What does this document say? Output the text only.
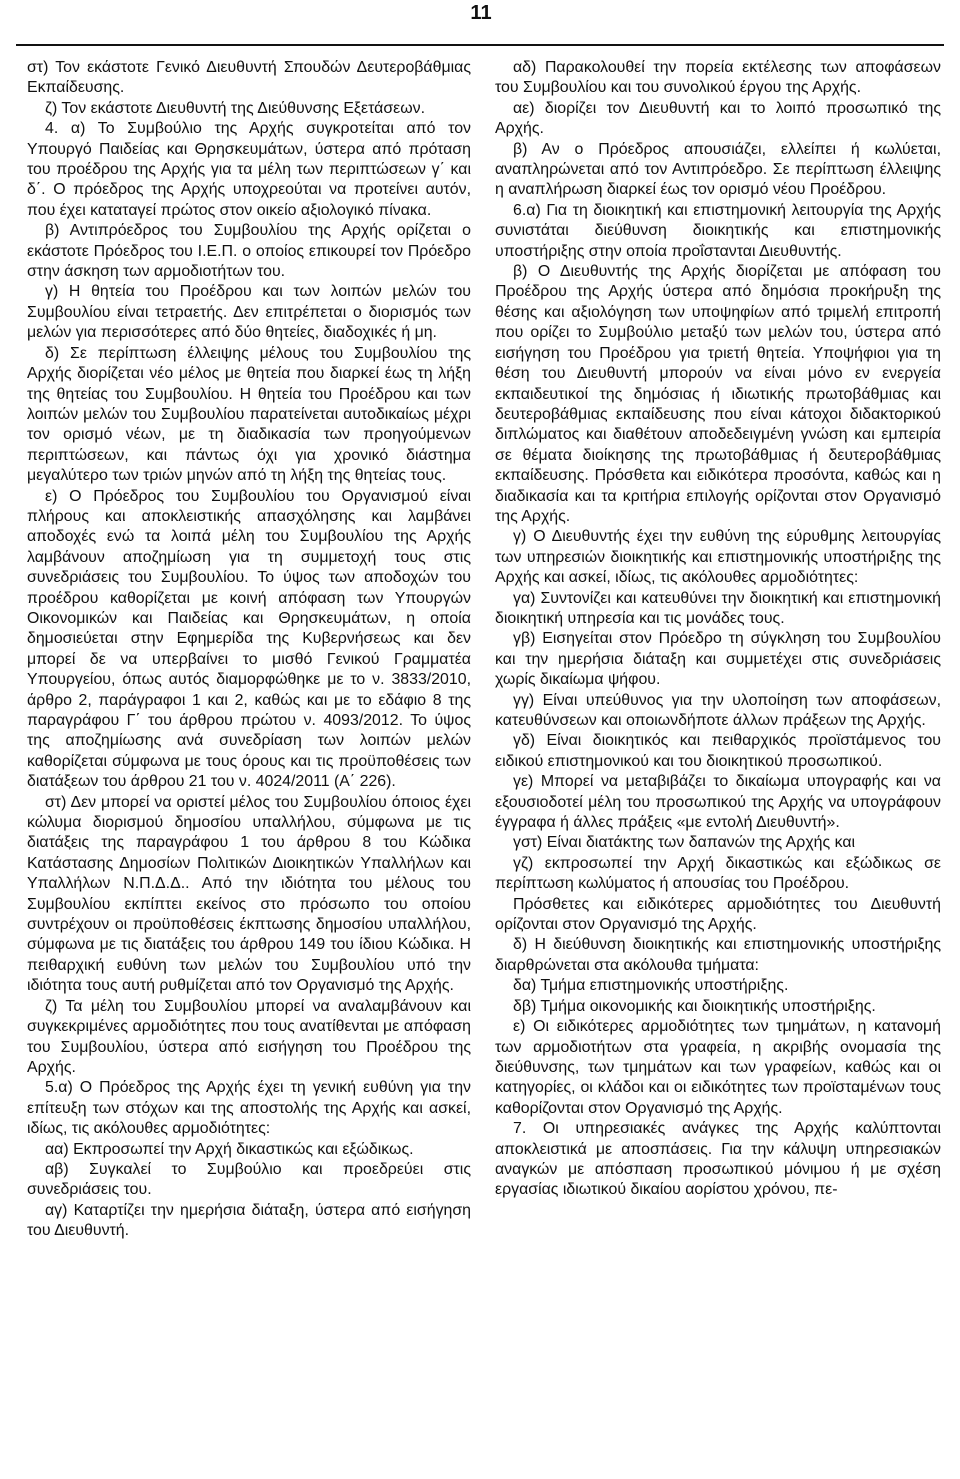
11

στ) Τον εκάστοτε Γενικό Διευθυντή Σπουδών Δευτεροβάθμιας Εκπαίδευσης.

ζ) Τον εκάστοτε Διευθυντή της Διεύθυνσης Εξετάσεων.

4. α) Το Συμβούλιο της Αρχής συγκροτείται από τον Υπουργό Παιδείας και Θρησκευμάτων, ύστερα από πρόταση του προέδρου της Αρχής για τα μέλη των περιπτώσεων γ΄ και δ΄. Ο πρόεδρος της Αρχής υποχρεούται να προτείνει αυτόν, που έχει καταταγεί πρώτος στον οικείο αξιολογικό πίνακα.

β) Αντιπρόεδρος του Συμβουλίου της Αρχής ορίζεται ο εκάστοτε Πρόεδρος του Ι.Ε.Π. ο οποίος επικουρεί τον Πρόεδρο στην άσκηση των αρμοδιοτήτων του.

γ) Η θητεία του Προέδρου και των λοιπών μελών του Συμβουλίου είναι τετραετής. Δεν επιτρέπεται ο διορισμός των μελών για περισσότερες από δύο θητείες, διαδοχικές ή μη.

δ) Σε περίπτωση έλλειψης μέλους του Συμβουλίου της Αρχής διορίζεται νέο μέλος με θητεία που διαρκεί έως τη λήξη της θητείας του Συμβουλίου. Η θητεία του Προέδρου και των λοιπών μελών του Συμβουλίου παρατείνεται αυτοδικαίως μέχρι τον ορισμό νέων, με τη διαδικασία των προηγούμενων περιπτώσεων, και πάντως όχι για χρονικό διάστημα μεγαλύτερο των τριών μηνών από τη λήξη της θητείας τους.

ε) Ο Πρόεδρος του Συμβουλίου του Οργανισμού είναι πλήρους και αποκλειστικής απασχόλησης και λαμβάνει αποδοχές ενώ τα λοιπά μέλη του Συμβουλίου της Αρχής λαμβάνουν αποζημίωση για τη συμμετοχή τους στις συνεδριάσεις του Συμβουλίου. Το ύψος των αποδοχών του προέδρου καθορίζεται με κοινή απόφαση των Υπουργών Οικονομικών και Παιδείας και Θρησκευμάτων, η οποία δημοσιεύεται στην Εφημερίδα της Κυβερνήσεως και δεν μπορεί δε να υπερβαίνει το μισθό Γενικού Γραμματέα Υπουργείου, όπως αυτός διαμορφώθηκε με το ν. 3833/2010, άρθρο 2, παράγραφοι 1 και 2, καθώς και με το εδάφιο 8 της παραγράφου Γ΄ του άρθρου πρώτου ν. 4093/2012. Το ύψος της αποζημίωσης ανά συνεδρίαση των λοιπών μελών καθορίζεται σύμφωνα με τους όρους και τις προϋποθέσεις των διατάξεων του άρθρου 21 του ν. 4024/2011 (Α΄ 226).

στ) Δεν μπορεί να οριστεί μέλος του Συμβουλίου όποιος έχει κώλυμα διορισμού δημοσίου υπαλλήλου, σύμφωνα με τις διατάξεις της παραγράφου 1 του άρθρου 8 του Κώδικα Κατάστασης Δημοσίων Πολιτικών Διοικητικών Υπαλλήλων και Υπαλλήλων Ν.Π.Δ.Δ.. Από την ιδιότητα του μέλους του Συμβουλίου εκπίπτει εκείνος στο πρόσωπο του οποίου συντρέχουν οι προϋποθέσεις έκπτωσης δημοσίου υπαλλήλου, σύμφωνα με τις διατάξεις του άρθρου 149 του ίδιου Κώδικα. Η πειθαρχική ευθύνη των μελών του Συμβουλίου υπό την ιδιότητα τους αυτή ρυθμίζεται από τον Οργανισμό της Αρχής.

ζ) Τα μέλη του Συμβουλίου μπορεί να αναλαμβάνουν και συγκεκριμένες αρμοδιότητες που τους ανατίθενται με απόφαση του Συμβουλίου, ύστερα από εισήγηση του Προέδρου της Αρχής.

5.α) Ο Πρόεδρος της Αρχής έχει τη γενική ευθύνη για την επίτευξη των στόχων και της αποστολής της Αρχής και ασκεί, ιδίως, τις ακόλουθες αρμοδιότητες:

αα) Εκπροσωπεί την Αρχή δικαστικώς και εξώδικως.

αβ) Συγκαλεί το Συμβούλιο και προεδρεύει στις συνεδριάσεις του.

αγ) Καταρτίζει την ημερήσια διάταξη, ύστερα από εισήγηση του Διευθυντή.

αδ) Παρακολουθεί την πορεία εκτέλεσης των αποφάσεων του Συμβουλίου και του συνολικού έργου της Αρχής.

αε) διορίζει τον Διευθυντή και το λοιπό προσωπικό της Αρχής.

β) Αν ο Πρόεδρος απουσιάζει, ελλείπει ή κωλύεται, αναπληρώνεται από τον Αντιπρόεδρο. Σε περίπτωση έλλειψης η αναπλήρωση διαρκεί έως τον ορισμό νέου Προέδρου.

6.α) Για τη διοικητική και επιστημονική λειτουργία της Αρχής συνιστάται διεύθυνση διοικητικής και επιστημονικής υποστήριξης στην οποία προΐστανται Διευθυντής.

β) Ο Διευθυντής της Αρχής διορίζεται με απόφαση του Προέδρου της Αρχής ύστερα από δημόσια προκήρυξη της θέσης και αξιολόγηση των υποψηφίων από τριμελή επιτροπή που ορίζει το Συμβούλιο μεταξύ των μελών του, ύστερα από εισήγηση του Προέδρου για τριετή θητεία. Υποψήφιοι για τη θέση του Διευθυντή μπορούν να είναι μόνο εν ενεργεία εκπαιδευτικοί της δημόσιας ή ιδιωτικής πρωτοβάθμιας και δευτεροβάθμιας εκπαίδευσης που είναι κάτοχοι διδακτορικού διπλώματος και διαθέτουν αποδεδειγμένη γνώση και εμπειρία σε θέματα διοίκησης της πρωτοβάθμιας ή δευτεροβάθμιας εκπαίδευσης. Πρόσθετα και ειδικότερα προσόντα, καθώς και η διαδικασία και τα κριτήρια επιλογής ορίζονται στον Οργανισμό της Αρχής.

γ) Ο Διευθυντής έχει την ευθύνη της εύρυθμης λειτουργίας των υπηρεσιών διοικητικής και επιστημονικής υποστήριξης της Αρχής και ασκεί, ιδίως, τις ακόλουθες αρμοδιότητες:

γα) Συντονίζει και κατευθύνει την διοικητική και επιστημονική διοικητική υπηρεσία και τις μονάδες τους.

γβ) Εισηγείται στον Πρόεδρο τη σύγκληση του Συμβουλίου και την ημερήσια διάταξη και συμμετέχει στις συνεδριάσεις χωρίς δικαίωμα ψήφου.

γγ) Είναι υπεύθυνος για την υλοποίηση των αποφάσεων, κατευθύνσεων και οποιωνδήποτε άλλων πράξεων της Αρχής.

γδ) Είναι διοικητικός και πειθαρχικός προϊστάμενος του ειδικού επιστημονικού και του διοικητικού προσωπικού.

γε) Μπορεί να μεταβιβάζει το δικαίωμα υπογραφής και να εξουσιοδοτεί μέλη του προσωπικού της Αρχής να υπογράφουν έγγραφα ή άλλες πράξεις «με εντολή Διευθυντή».

γστ) Είναι διατάκτης των δαπανών της Αρχής και

γζ) εκπροσωπεί την Αρχή δικαστικώς και εξώδικως σε περίπτωση κωλύματος ή απουσίας του Προέδρου.

Πρόσθετες και ειδικότερες αρμοδιότητες του Διευθυντή ορίζονται στον Οργανισμό της Αρχής.

δ) Η διεύθυνση διοικητικής και επιστημονικής υποστήριξης διαρθρώνεται στα ακόλουθα τμήματα:

δα) Τμήμα επιστημονικής υποστήριξης.

δβ) Τμήμα οικονομικής και διοικητικής υποστήριξης.

ε) Οι ειδικότερες αρμοδιότητες των τμημάτων, η κατανομή των αρμοδιοτήτων στα γραφεία, η ακριβής ονομασία της διεύθυνσης, των τμημάτων και των γραφείων, καθώς και οι κατηγορίες, οι κλάδοι και οι ειδικότητες των προϊσταμένων τους καθορίζονται στον Οργανισμό της Αρχής.

7. Οι υπηρεσιακές ανάγκες της Αρχής καλύπτονται αποκλειστικά με αποσπάσεις. Για την κάλυψη υπηρεσιακών αναγκών με απόσπαση προσωπικού μόνιμου ή με σχέση εργασίας ιδιωτικού δικαίου αορίστου χρόνου, πε-
